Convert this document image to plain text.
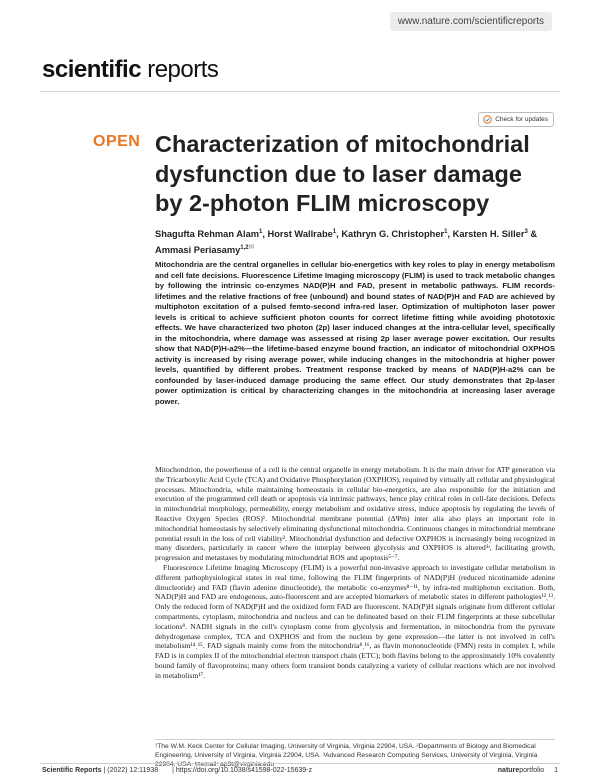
www.nature.com/scientificreports
scientific reports
Check for updates
OPEN Characterization of mitochondrial dysfunction due to laser damage by 2-photon FLIM microscopy
Shagufta Rehman Alam$^1$, Horst Wallrabe$^1$, Kathryn G. Christopher$^1$, Karsten H. Siller$^3$ & Ammasi Periasamy$^{1,2✉}$
Mitochondria are the central organelles in cellular bio-energetics with key roles to play in energy metabolism and cell fate decisions. Fluorescence Lifetime Imaging microscopy (FLIM) is used to track metabolic changes by following the intrinsic co-enzymes NAD(P)H and FAD, present in metabolic pathways. FLIM records-lifetimes and the relative fractions of free (unbound) and bound states of NAD(P)H and FAD are achieved by multiphoton excitation of a pulsed femto-second infra-red laser. Optimization of multiphoton laser power levels is critical to achieve sufficient photon counts for correct lifetime fitting while avoiding phototoxic effects. We have characterized two photon (2p) laser induced changes at the intra-cellular level, specifically in the mitochondria, where damage was assessed at rising 2p laser average power excitation. Our results show that NAD(P)H-a2%—the lifetime-based enzyme bound fraction, an indicator of mitochondrial OXPHOS activity is increased by rising average power, while inducing changes in the mitochondria at higher power levels, quantified by different probes. Treatment response tracked by means of NAD(P)H-a2% can be confounded by laser-induced damage producing the same effect. Our study demonstrates that 2p-laser power optimization is critical by characterizing changes in the mitochondria at increasing laser average power.

Mitochondrion, the powerhouse of a cell is the central organelle in energy metabolism. It is the main driver for ATP generation via the Tricarboxylic Acid Cycle (TCA) and Oxidative Phosphorylation (OXPHOS), required by virtually all cellular and physiological processes. Mitochondria, while maintaining homeostasis in cellular bio-energetics, are also responsible for the initiation and execution of the programmed cell death or apoptosis via intrinsic pathways, hence play critical roles in cell-fate decisions. Defects in mitochondrial morphology, permeability, energy metabolism and oxidative stress, induce apoptosis by regulating the levels of Reactive Oxygen Species (ROS)¹. Mitochondrial membrane potential (ΔΨm) inter alia also plays an important role in mitochondrial homeostasis by selectively eliminating dysfunctional mitochondria. Continuous changes in mitochondrial membrane potential result in the loss of cell viability². Mitochondrial dysfunction and defective OXPHOS is increasingly being recognized in many disorders, particularly in cancer where the interplay between glycolysis and OXPHOS is altered³ʴ, facilitating growth, progression and metastases by modulating mitochondrial ROS and apoptosis⁵⁻⁷.

Fluorescence Lifetime Imaging Microscopy (FLIM) is a powerful non-invasive approach to investigate cellular metabolism in different pathophysiological states in real time, following the FLIM fingerprints of NAD(P)H (reduced nicotinamide adenine dinucleotide) and FAD (flavin adenine dinucleotide), the metabolic co-enzymes⁸⁻¹¹, by infra-red multiphoton excitation. Both, NAD(P)H and FAD are endogenous, auto-fluorescent and are accepted biomarkers of metabolic states in different pathologies¹²ˎ¹³. Only the reduced form of NAD(P)H and the oxidized form FAD are fluorescent. NAD(P)H signals originate from different cellular compartments, cytoplasm, mitochondria and nucleus and can be delineated based on their FLIM fingerprints at these subcellular locations⁸. NADH signals in the cell's cytoplasm come from glycolysis and fermentation, in mitochondria from the pyruvate dehydrogenase complex, TCA and OXPHOS and from the nucleus by gene expression—the latter is not involved in cell's metabolism¹⁴ˎ¹⁵. FAD signals mainly come from the mitochondria⁸ˎ¹⁶, as flavin mononucleotide (FMN) rests in complex I, while FAD is in complex II of the mitochondrial electron transport chain (ETC); both flavins belong to the approximately 10% covalently bound family of flavoproteins; many others form transient bonds catalyzing a variety of cellular reactions which are not involved in metabolism¹⁷.

¹The W.M. Keck Center for Cellular Imaging, University of Virginia, Virginia 22904, USA. ²Departments of Biology and Biomedical Engineering, University of Virginia, Virginia 22904, USA. ³Advanced Research Computing Services, University of Virginia, Virginia 22904, USA. ✉email: ap3t@virginia.edu
Scientific Reports
|
(2022) 12:11938 | https://doi.org/10.1038/s41598-022-15639-z	natureportfolio 1
